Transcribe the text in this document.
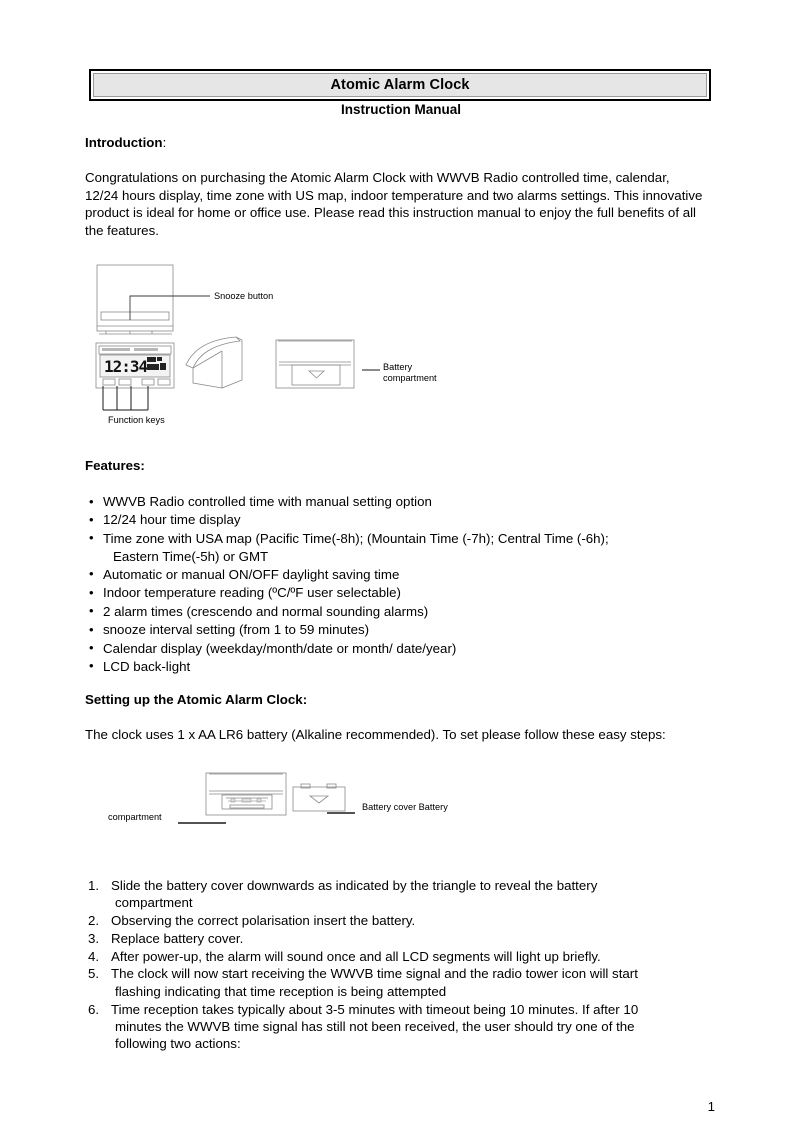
Atomic Alarm Clock
Instruction Manual
Introduction:
Congratulations on purchasing the Atomic Alarm Clock with WWVB Radio controlled time, calendar, 12/24 hours display, time zone with US map, indoor temperature and two alarms settings. This innovative product is ideal for home or office use. Please read this instruction manual to enjoy the full benefits of all the features.
12:34
Snooze button
Battery compartment
Function keys
Features:
• WWVB Radio controlled time with manual setting option
• 12/24 hour time display
• Time zone with USA map (Pacific Time(-8h); (Mountain Time (-7h); Central Time (-6h);
Eastern Time(-5h) or GMT
• Automatic or manual ON/OFF daylight saving time
• Indoor temperature reading (ºC/ºF user selectable)
• 2 alarm times (crescendo and normal sounding alarms)
• snooze interval setting (from 1 to 59 minutes)
• Calendar display (weekday/month/date or month/ date/year)
• LCD back-light
Setting up the Atomic Alarm Clock:
The clock uses 1 x AA LR6 battery (Alkaline recommended). To set please follow these easy steps:
compartment
Battery cover Battery
1. Slide the battery cover downwards as indicated by the triangle to reveal the battery
compartment
2. Observing the correct polarisation insert the battery.
3. Replace battery cover.
4. After power-up, the alarm will sound once and all LCD segments will light up briefly.
5. The clock will now start receiving the WWVB time signal and the radio tower icon will start
flashing indicating that time reception is being attempted
6. Time reception takes typically about 3-5 minutes with timeout being 10 minutes. If after 10
minutes the WWVB time signal has still not been received, the user should try one of the
following two actions:
1
